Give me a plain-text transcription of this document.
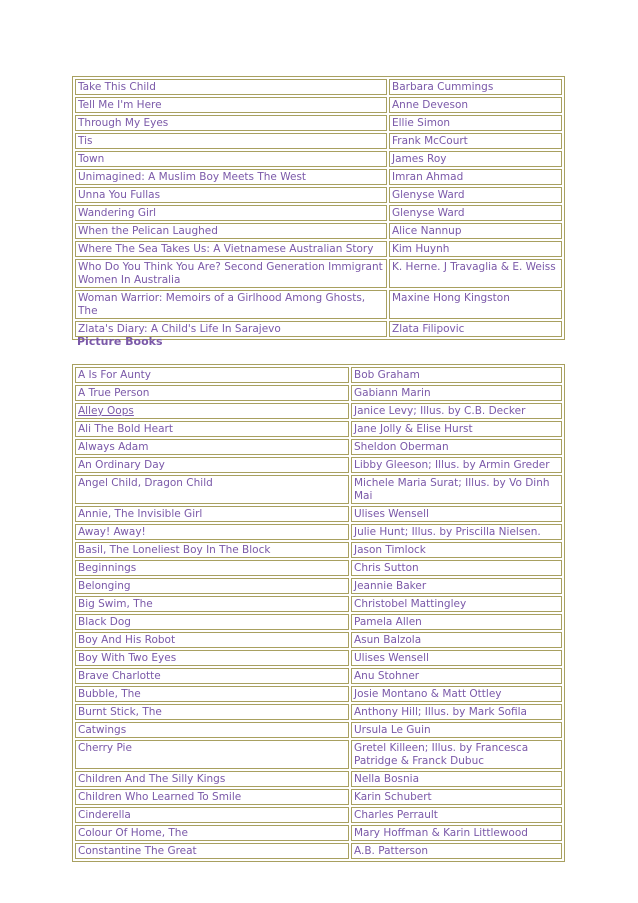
Take This Child	Barbara Cummings
Tell Me I'm Here	Anne Deveson
Through My Eyes	Ellie Simon
Tis	Frank McCourt
Town	James Roy
Unimagined: A Muslim Boy Meets The West	Imran Ahmad
Unna You Fullas	Glenyse Ward
Wandering Girl	Glenyse Ward
When the Pelican Laughed	Alice Nannup
Where The Sea Takes Us: A Vietnamese Australian Story	Kim Huynh
Who Do You Think You Are? Second Generation Immigrant Women In Australia	K. Herne. J Travaglia & E. Weiss
Woman Warrior: Memoirs of a Girlhood Among Ghosts, The	Maxine Hong Kingston
Zlata's Diary: A Child's Life In Sarajevo	Zlata Filipovic
Picture Books
A Is For Aunty	Bob Graham
A True Person	Gabiann Marin
Alley Oops	Janice Levy; Illus. by C.B. Decker
Ali The Bold Heart	Jane Jolly & Elise Hurst
Always Adam	Sheldon Oberman
An Ordinary Day	Libby Gleeson; Illus. by Armin Greder
Angel Child, Dragon Child	Michele Maria Surat; Illus. by Vo Dinh Mai
Annie, The Invisible Girl	Ulises Wensell
Away! Away!	Julie Hunt; Illus. by Priscilla Nielsen.
Basil, The Loneliest Boy In The Block	Jason Timlock
Beginnings	Chris Sutton
Belonging	Jeannie Baker
Big Swim, The	Christobel Mattingley
Black Dog	Pamela Allen
Boy And His Robot	Asun Balzola
Boy With Two Eyes	Ulises Wensell
Brave Charlotte	Anu Stohner
Bubble, The	Josie Montano & Matt Ottley
Burnt Stick, The	Anthony Hill; Illus. by Mark Sofila
Catwings	Ursula Le Guin
Cherry Pie	Gretel Killeen; Illus. by Francesca Patridge & Franck Dubuc
Children And The Silly Kings	Nella Bosnia
Children Who Learned To Smile	Karin Schubert
Cinderella	Charles Perrault
Colour Of Home, The	Mary Hoffman & Karin Littlewood
Constantine The Great	A.B. Patterson
